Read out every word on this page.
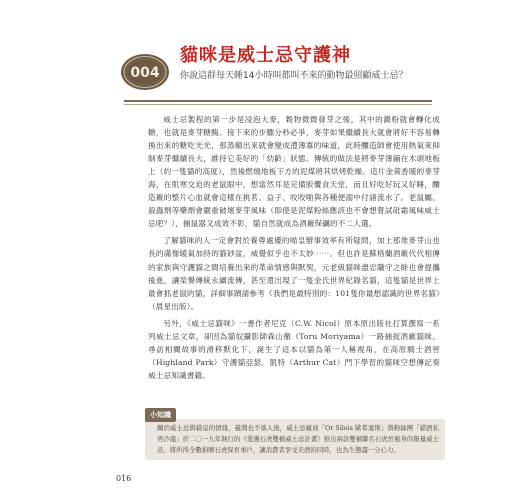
004
貓咪是威士忌守護神
你說這群每天睡14小時叫都叫不來的動物最照顧威士忌？

威士忌製程的第一步是浸泡大麥，穀物微微發芽之後，其中的澱粉就會轉化成糖，也就是麥芽糖酶。接下來的步驟分秒必爭，麥芽如果繼續長大就會將好不容易轉換出來的糖吃光光，那蒸餾出來就會變成澧薄寡的味道，此時釀造師會使用熱氣來抑制麥芽繼續長大，維持它美好的「幼齡」狀態。傳統的做法是將麥芽薄鋪在木頭地板上（約一隻貓的高度），然後燃燒地板下方的泥煤將其烘烤乾燥。這片金黃香暖的麥芽海，在肌寒交迫的老鼠眼中，想當然耳是完備版饗食天堂，而且好吃好玩又好睡，釀造廠的整片心血就會這樣在挑茗、益子、咬咬啪與各種便溺中付諸流水了。老鼠屬、殺蟲劑等藥劑會嚴重破壞麥芽風味（即使是泥煤粉絲應該也不會想嘗試砒霜風味威士忌吧？），捕鼠器又成效不彰，貓自然就成為酒廠保礪的不二人選。

了解貓咪的人一定會對於養尊處優的喵皇辦事效率有所疑問，加上那堆麥芽山也長的滿像暖氣加持的貓砂盆，威覺似乎也不太妙⋯⋯。但也許是蘇格蘭酒廠代代相傳的家族與守護貓之間培養出來的革命情感與默契，元老級貓咪盡忠職守之餘也會提攜後進，讓榮譽傳統永續流傳，甚至還出現了一隻金氏世界紀錄名貓，這隻貓是世界上最會抓老鼠的貓，詳細事蹟請參考《我們是最特別的：101隻你最想認識的世界名貓》（晨星出版）。

另外，《威士忌貓咪》一書作者尼克（C.W. Nicol）原本原出版社打算撰寫一系列威士忌文章，卻因為貓奴攝影師森山徹（Toru Moriyama）一路捕捉酒廠貓咪、尋訪相關故事的滑移默化下，誕生了這本以貓為第一人稱視角，在高原騎士酒窖（Highland Park）守護貓亞瑟．凱特（Arthur Cat）門下學習的貓咪空想傳記奏威士忌知識書籍。

關於威士忌與貓皇的情緣，臺灣也不落人後，威士忌廠商「Or Sileis 歐希塞斯」與粉絲團「貓酒私男沙龍」於二〇一九年執行的《愛護石虎雙桶威士忌計畫》推出兩款雙桶聯名石虎於瓶身的限量威士忌，將所得全數捐贈石虎保育事戶，讓消費者享受美酒的同時，也為生態盡一分心力。

小知識
016
